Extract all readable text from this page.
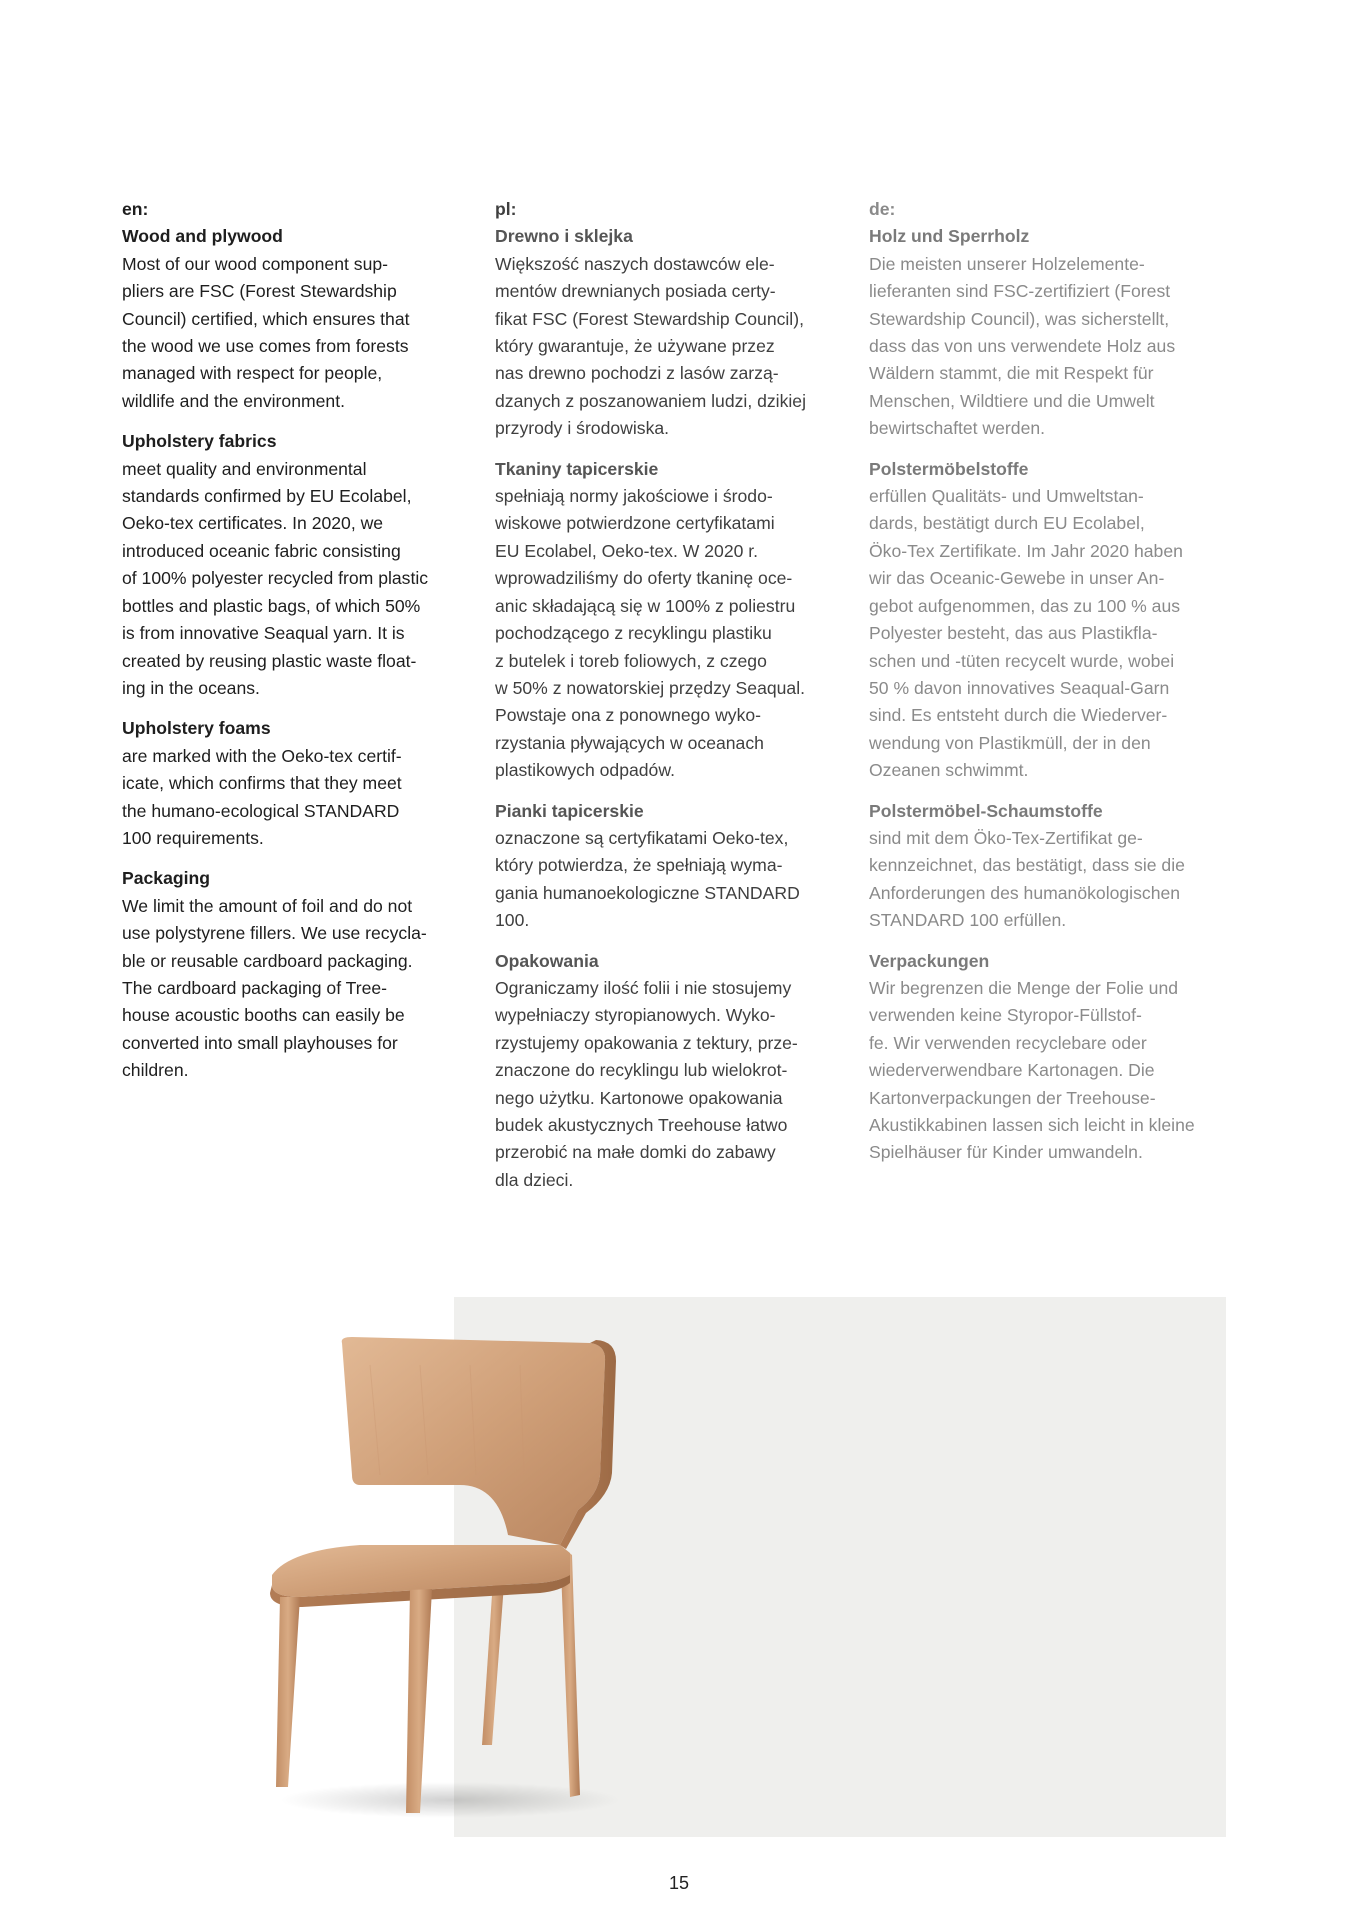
en:
Wood and plywood
Most of our wood component sup-
pliers are FSC (Forest Stewardship
Council) certified, which ensures that
the wood we use comes from forests
managed with respect for people,
wildlife and the environment.
Upholstery fabrics
meet quality and environmental
standards confirmed by EU Ecolabel,
Oeko-tex certificates. In 2020, we
introduced oceanic fabric consisting
of 100% polyester recycled from plastic
bottles and plastic bags, of which 50%
is from innovative Seaqual yarn. It is
created by reusing plastic waste float-
ing in the oceans.
Upholstery foams
are marked with the Oeko-tex certif-
icate, which confirms that they meet
the humano-ecological STANDARD
100 requirements.
Packaging
We limit the amount of foil and do not
use polystyrene fillers. We use recycla-
ble or reusable cardboard packaging.
The cardboard packaging of Tree-
house acoustic booths can easily be
converted into small playhouses for
children.
pl:
Drewno i sklejka
Większość naszych dostawców ele-
mentów drewnianych posiada certy-
fikat FSC (Forest Stewardship Council),
który gwarantuje, że używane przez
nas drewno pochodzi z lasów zarzą-
dzanych z poszanowaniem ludzi, dzikiej
przyrody i środowiska.
Tkaniny tapicerskie
spełniają normy jakościowe i środo-
wiskowe potwierdzone certyfikatami
EU Ecolabel, Oeko-tex. W 2020 r.
wprowadziliśmy do oferty tkaninę oce-
anic składającą się w 100% z poliestru
pochodzącego z recyklingu plastiku
z butelek i toreb foliowych, z czego
w 50% z nowatorskiej przędzy Seaqual.
Powstaje ona z ponownego wyko-
rzystania pływających w oceanach
plastikowych odpadów.
Pianki tapicerskie
oznaczone są certyfikatami Oeko-tex,
który potwierdza, że spełniają wyma-
gania humanoekologiczne STANDARD
100.
Opakowania
Ograniczamy ilość folii i nie stosujemy
wypełniaczy styropianowych. Wyko-
rzystujemy opakowania z tektury, prze-
znaczone do recyklingu lub wielokrot-
nego użytku. Kartonowe opakowania
budek akustycznych Treehouse łatwo
przerobić na małe domki do zabawy
dla dzieci.
de:
Holz und Sperrholz
Die meisten unserer Holzelemente-
lieferanten sind FSC-zertifiziert (Forest
Stewardship Council), was sicherstellt,
dass das von uns verwendete Holz aus
Wäldern stammt, die mit Respekt für
Menschen, Wildtiere und die Umwelt
bewirtschaftet werden.
Polstermöbelstoffe
erfüllen Qualitäts- und Umweltstan-
dards, bestätigt durch EU Ecolabel,
Öko-Tex Zertifikate. Im Jahr 2020 haben
wir das Oceanic-Gewebe in unser An-
gebot aufgenommen, das zu 100 % aus
Polyester besteht, das aus Plastikfla-
schen und -tüten recycelt wurde, wobei
50 % davon innovatives Seaqual-Garn
sind. Es entsteht durch die Wiederver-
wendung von Plastikmüll, der in den
Ozeanen schwimmt.
Polstermöbel-Schaumstoffe
sind mit dem Öko-Tex-Zertifikat ge-
kennzeichnet, das bestätigt, dass sie die
Anforderungen des humanökologischen
STANDARD 100 erfüllen.
Verpackungen
Wir begrenzen die Menge der Folie und
verwenden keine Styropor-Füllstof-
fe. Wir verwenden recyclebare oder
wiederverwendbare Kartonagen. Die
Kartonverpackungen der Treehouse-
Akustikkabinen lassen sich leicht in kleine
Spielhäuser für Kinder umwandeln.
15
